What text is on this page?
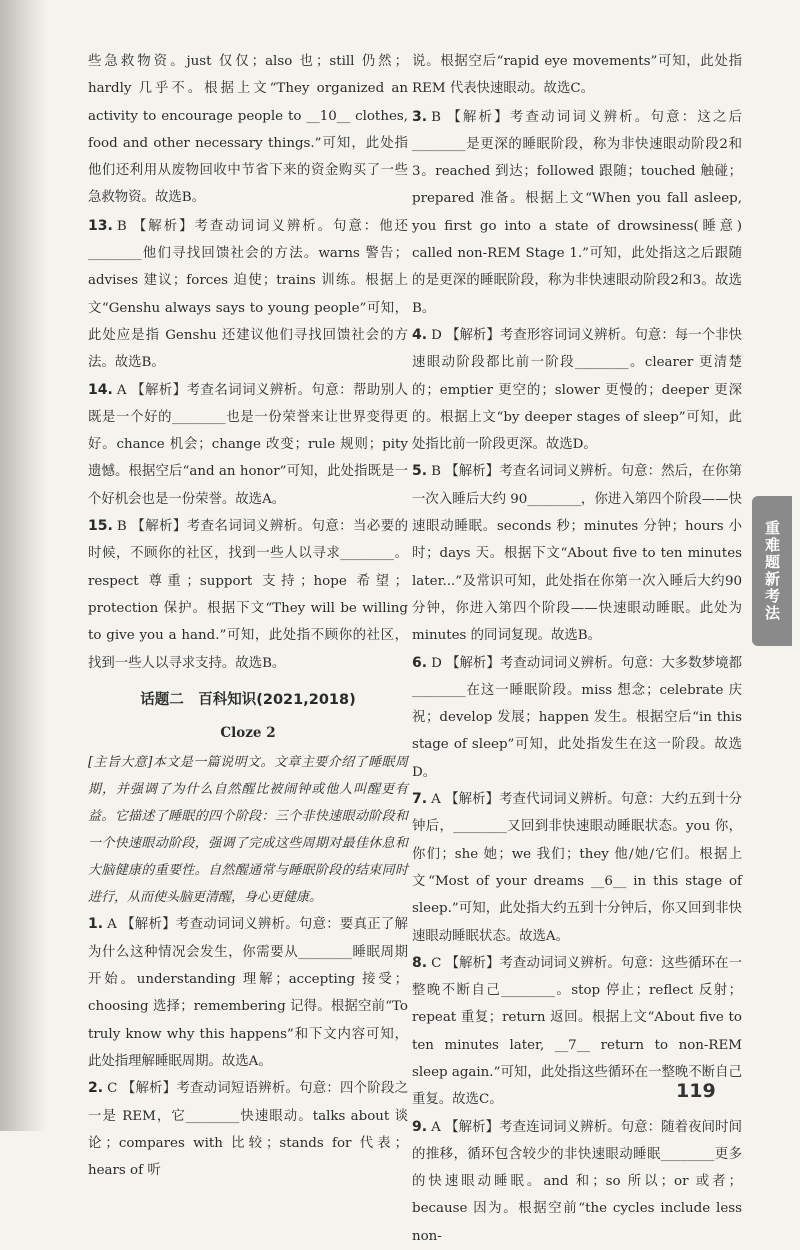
些急救物资。just 仅仅；also 也；still 仍然；hardly 几乎不。根据上文“They organized an activity to encourage people to __10__ clothes, food and other necessary things.”可知，此处指他们还利用从废物回收中节省下来的资金购买了一些急救物资。故选B。

13. B 【解析】考查动词词义辨析。句意：他还________他们寻找回馈社会的方法。warns 警告；advises 建议；forces 迫使；trains 训练。根据上文“Genshu always says to young people”可知，此处应是指 Genshu 还建议他们寻找回馈社会的方法。故选B。

14. A 【解析】考查名词词义辨析。句意：帮助别人既是一个好的________也是一份荣誉来让世界变得更好。chance 机会；change 改变；rule 规则；pity 遗憾。根据空后“and an honor”可知，此处指既是一个好机会也是一份荣誉。故选A。

15. B 【解析】考查名词词义辨析。句意：当必要的时候，不顾你的社区，找到一些人以寻求________。respect 尊重；support 支持；hope 希望；protection 保护。根据下文“They will be willing to give you a hand.”可知，此处指不顾你的社区，找到一些人以寻求支持。故选B。

话题二　百科知识(2021,2018)
Cloze 2

[主旨大意]本文是一篇说明文。文章主要介绍了睡眠周期，并强调了为什么自然醒比被闹钟或他人叫醒更有益。它描述了睡眠的四个阶段：三个非快速眼动阶段和一个快速眼动阶段，强调了完成这些周期对最佳休息和大脑健康的重要性。自然醒通常与睡眠阶段的结束同时进行，从而使头脑更清醒，身心更健康。

1. A 【解析】考查动词词义辨析。句意：要真正了解为什么这种情况会发生，你需要从________睡眠周期开始。understanding 理解；accepting 接受；choosing 选择；remembering 记得。根据空前“To truly know why this happens”和下文内容可知，此处指理解睡眠周期。故选A。

2. C 【解析】考查动词短语辨析。句意：四个阶段之一是 REM，它________快速眼动。talks about 谈论；compares with 比较；stands for 代表；hears of 听

说。根据空后“rapid eye movements”可知，此处指 REM 代表快速眼动。故选C。

3. B 【解析】考查动词词义辨析。句意：这之后________是更深的睡眠阶段，称为非快速眼动阶段2和3。reached 到达；followed 跟随；touched 触碰；prepared 准备。根据上文“When you fall asleep, you first go into a state of drowsiness(睡意) called non-REM Stage 1.”可知，此处指这之后跟随的是更深的睡眠阶段，称为非快速眼动阶段2和3。故选B。

4. D 【解析】考查形容词词义辨析。句意：每一个非快速眼动阶段都比前一阶段________。clearer 更清楚的；emptier 更空的；slower 更慢的；deeper 更深的。根据上文“by deeper stages of sleep”可知，此处指比前一阶段更深。故选D。

5. B 【解析】考查名词词义辨析。句意：然后，在你第一次入睡后大约 90________，你进入第四个阶段——快速眼动睡眠。seconds 秒；minutes 分钟；hours 小时；days 天。根据下文“About five to ten minutes later...”及常识可知，此处指在你第一次入睡后大约90分钟，你进入第四个阶段——快速眼动睡眠。此处为 minutes 的同词复现。故选B。

6. D 【解析】考查动词词义辨析。句意：大多数梦境都________在这一睡眠阶段。miss 想念；celebrate 庆祝；develop 发展；happen 发生。根据空后“in this stage of sleep”可知，此处指发生在这一阶段。故选D。

7. A 【解析】考查代词词义辨析。句意：大约五到十分钟后，________又回到非快速眼动睡眠状态。you 你，你们；she 她；we 我们；they 他/她/它们。根据上文“Most of your dreams __6__ in this stage of sleep.”可知，此处指大约五到十分钟后，你又回到非快速眼动睡眠状态。故选A。

8. C 【解析】考查动词词义辨析。句意：这些循环在一整晚不断自己________。stop 停止；reflect 反射；repeat 重复；return 返回。根据上文“About five to ten minutes later, __7__ return to non-REM sleep again.”可知，此处指这些循环在一整晚不断自己重复。故选C。

9. A 【解析】考查连词词义辨析。句意：随着夜间时间的推移，循环包含较少的非快速眼动睡眠________更多的快速眼动睡眠。and 和；so 所以；or 或者；because 因为。根据空前“the cycles include less non-

重难题新考法
119
